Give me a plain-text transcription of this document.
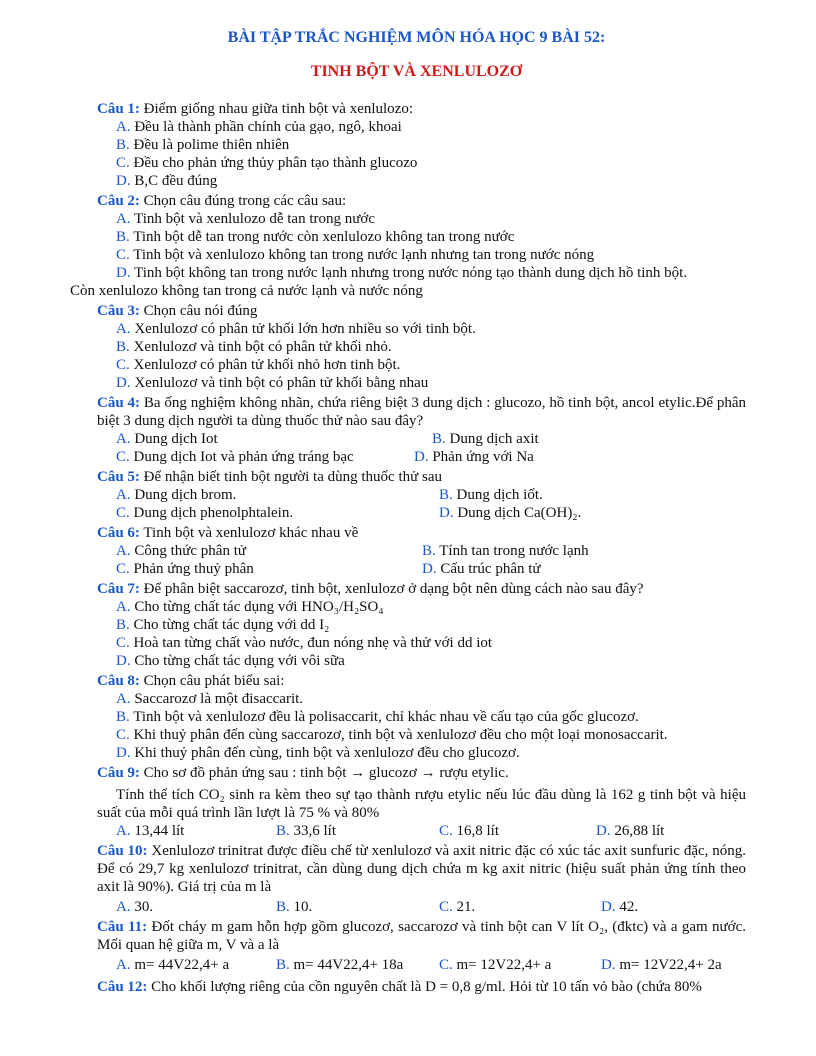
BÀI TẬP TRẮC NGHIỆM MÔN HÓA HỌC 9 BÀI 52:
TINH BỘT VÀ XENLULOZƠ
Câu 1: Điểm giống nhau giữa tinh bột và xenlulozo:
A. Đều là thành phần chính của gạo, ngô, khoai
B. Đều là polime thiên nhiên
C. Đều cho phản ứng thủy phân tạo thành glucozo
D. B,C đều đúng
Câu 2: Chọn câu đúng trong các câu sau:
A. Tinh bột và xenlulozo dễ tan trong nước
B. Tinh bột dễ tan trong nước còn xenlulozo không tan trong nước
C. Tinh bột và xenlulozo không tan trong nước lạnh nhưng tan trong nước nóng
D. Tinh bột không tan trong nước lạnh nhưng trong nước nóng tạo thành dung dịch hồ tinh bột.
Còn xenlulozo không tan trong cả nước lạnh và nước nóng
Câu 3: Chọn câu nói đúng
A. Xenlulozơ có phân tử khối lớn hơn nhiều so với tinh bột.
B. Xenlulozơ và tinh bột có phân tử khối nhỏ.
C. Xenlulozơ có phân tử khối nhỏ hơn tinh bột.
D. Xenlulozơ và tinh bột có phân tử khối bằng nhau
Câu 4: Ba ống nghiệm không nhãn, chứa riêng biệt 3 dung dịch : glucozo, hồ tinh bột, ancol etylic.Để phân biệt 3 dung dịch người ta dùng thuốc thử nào sau đây?
A. Dung dịch Iot	B. Dung dịch axit
C. Dung dịch Iot và phản ứng tráng bạc	D. Phản ứng với Na
Câu 5: Để nhận biết tinh bột người ta dùng thuốc thử sau
A. Dung dịch brom.	B. Dung dịch iốt.
C. Dung dịch phenolphtalein.	D. Dung dịch Ca(OH)₂.
Câu 6: Tinh bột và xenlulozơ khác nhau về
A. Công thức phân tử	B. Tính tan trong nước lạnh
C. Phản ứng thuỷ phân	D. Cấu trúc phân tử
Câu 7: Để phân biệt saccarozơ, tinh bột, xenlulozơ ở dạng bột nên dùng cách nào sau đây?
A. Cho từng chất tác dụng với HNO₃/H₂SO₄
B. Cho từng chất tác dụng với dd I₂
C. Hoà tan từng chất vào nước, đun nóng nhẹ và thử với dd iot
D. Cho từng chất tác dụng với vôi sữa
Câu 8: Chọn câu phát biểu sai:
A. Saccarozơ là một đisaccarit.
B. Tinh bột và xenlulozơ đều là polisaccarit, chỉ khác nhau về cấu tạo của gốc glucozơ.
C. Khi thuỷ phân đến cùng saccarozơ, tinh bột và xenlulozơ đều cho một loại monosaccarit.
D. Khi thuỷ phân đến cùng, tinh bột và xenlulozơ đều cho glucozơ.
Câu 9: Cho sơ đồ phản ứng sau : tinh bột → glucozơ → rượu etylic.
Tính thể tích CO₂ sinh ra kèm theo sự tạo thành rượu etylic nếu lúc đầu dùng là 162 g tinh bột và hiệu suất của mỗi quá trình lần lượt là 75 % và 80%
A. 13,44 lít	B. 33,6 lít	C. 16,8 lít	D. 26,88 lít
Câu 10: Xenlulozơ trinitrat được điều chế từ xenlulozơ và axit nitric đặc có xúc tác axit sunfuric đặc, nóng. Để có 29,7 kg xenlulozơ trinitrat, cần dùng dung dịch chứa m kg axit nitric (hiệu suất phản ứng tính theo axit là 90%). Giá trị của m là
A. 30.	B. 10.	C. 21.	D. 42.
Câu 11: Đốt cháy m gam hỗn hợp gồm glucozơ, saccarozơ và tinh bột can V lít O₂, (đktc) và a gam nước. Mối quan hệ giữa m, V và a là
A. m= 44V22,4+ a	B. m= 44V22,4+ 18a	C. m= 12V22,4+ a	D. m= 12V22,4+ 2a
Câu 12: Cho khối lượng riêng của cồn nguyên chất là D = 0,8 g/ml. Hỏi từ 10 tấn vỏ bào (chứa 80%
